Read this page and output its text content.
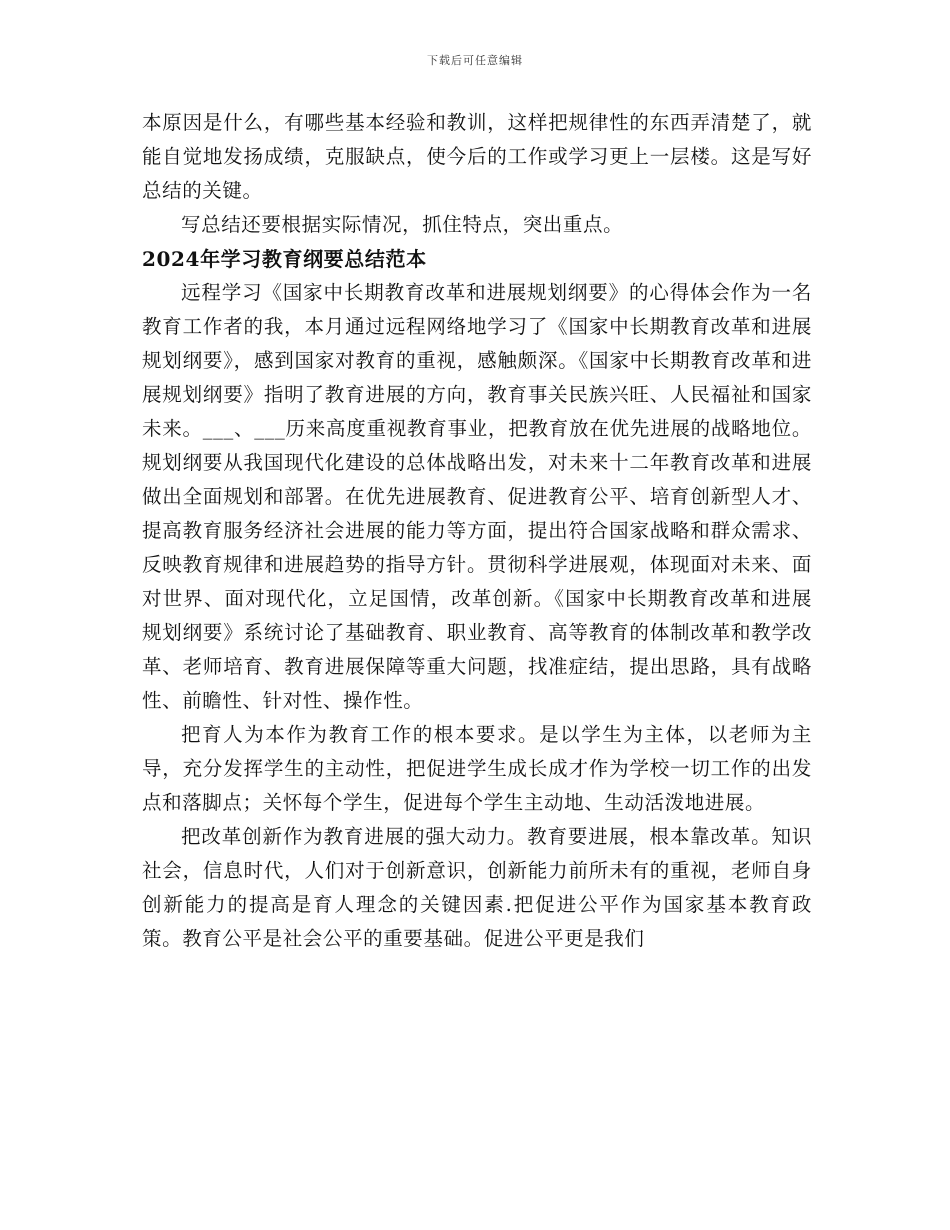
下载后可任意编辑

本原因是什么，有哪些基本经验和教训，这样把规律性的东西弄清楚了，就能自觉地发扬成绩，克服缺点，使今后的工作或学习更上一层楼。这是写好总结的关键。

写总结还要根据实际情况，抓住特点，突出重点。

2024年学习教育纲要总结范本

远程学习《国家中长期教育改革和进展规划纲要》的心得体会作为一名教育工作者的我，本月通过远程网络地学习了《国家中长期教育改革和进展规划纲要》，感到国家对教育的重视，感触颇深。《国家中长期教育改革和进展规划纲要》指明了教育进展的方向，教育事关民族兴旺、人民福祉和国家未来。___、___历来高度重视教育事业，把教育放在优先进展的战略地位。规划纲要从我国现代化建设的总体战略出发，对未来十二年教育改革和进展做出全面规划和部署。在优先进展教育、促进教育公平、培育创新型人才、提高教育服务经济社会进展的能力等方面，提出符合国家战略和群众需求、反映教育规律和进展趋势的指导方针。贯彻科学进展观，体现面对未来、面对世界、面对现代化，立足国情，改革创新。《国家中长期教育改革和进展规划纲要》系统讨论了基础教育、职业教育、高等教育的体制改革和教学改革、老师培育、教育进展保障等重大问题，找准症结，提出思路，具有战略性、前瞻性、针对性、操作性。

把育人为本作为教育工作的根本要求。是以学生为主体，以老师为主导，充分发挥学生的主动性，把促进学生成长成才作为学校一切工作的出发点和落脚点；关怀每个学生，促进每个学生主动地、生动活泼地进展。

把改革创新作为教育进展的强大动力。教育要进展，根本靠改革。知识社会，信息时代，人们对于创新意识，创新能力前所未有的重视，老师自身创新能力的提高是育人理念的关键因素.把促进公平作为国家基本教育政策。教育公平是社会公平的重要基础。促进公平更是我们
